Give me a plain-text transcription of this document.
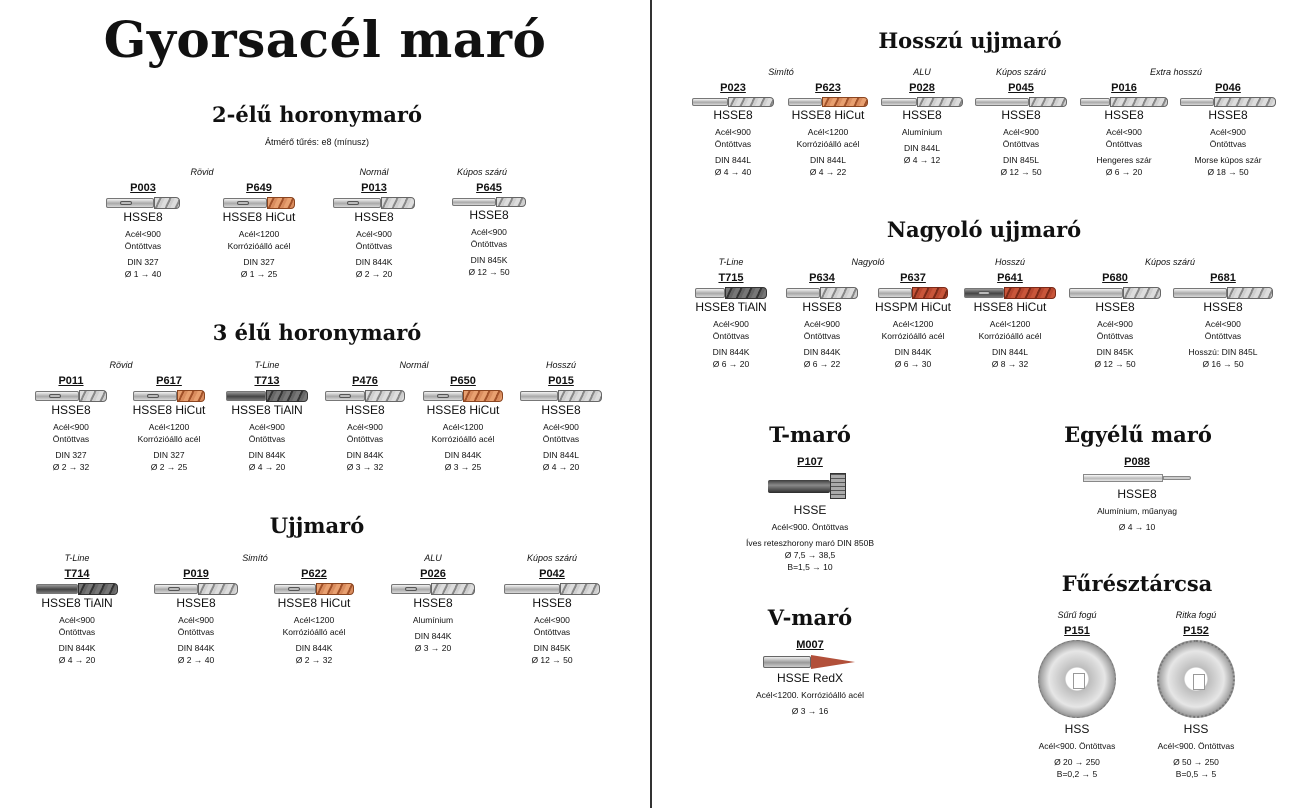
Gyorsacél maró
2-élű horonymaró
Átmérő tűrés: e8 (mínusz)
Rövid	Normál	Kúpos szárú
P003
HSSE8
Acél<900
Öntöttvas
DIN 327
Ø 1 → 40
P649
HSSE8 HiCut
Acél<1200
Korrózióálló acél
DIN 327
Ø 1 → 25
P013
HSSE8
Acél<900
Öntöttvas
DIN 844K
Ø 2 → 20
P645
HSSE8
Acél<900
Öntöttvas
DIN 845K
Ø 12 → 50
3 élű horonymaró
Rövid	T-Line	Normál	Hosszú
P011
HSSE8
Acél<900
Öntöttvas
DIN 327
Ø 2 → 32
P617
HSSE8 HiCut
Acél<1200
Korrózióálló acél
DIN 327
Ø 2 → 25
T713
HSSE8 TiAlN
Acél<900
Öntöttvas
DIN 844K
Ø 4 → 20
P476
HSSE8
Acél<900
Öntöttvas
DIN 844K
Ø 3 → 32
P650
HSSE8 HiCut
Acél<1200
Korrózióálló acél
DIN 844K
Ø 3 → 25
P015
HSSE8
Acél<900
Öntöttvas
DIN 844L
Ø 4 → 20
Ujjmaró
T-Line	Simító	ALU	Kúpos szárú
T714
HSSE8 TiAlN
Acél<900
Öntöttvas
DIN 844K
Ø 4 → 20
P019
HSSE8
Acél<900
Öntöttvas
DIN 844K
Ø 2 → 40
P622
HSSE8 HiCut
Acél<1200
Korrózióálló acél
DIN 844K
Ø 2 → 32
P026
HSSE8
Alumínium
DIN 844K
Ø 3 → 20
P042
HSSE8
Acél<900
Öntöttvas
DIN 845K
Ø 12 → 50
Hosszú ujjmaró
Simító	ALU	Kúpos szárú	Extra hosszú
P023
HSSE8
Acél<900
Öntöttvas
DIN 844L
Ø 4 → 40
P623
HSSE8 HiCut
Acél<1200
Korrózióálló acél
DIN 844L
Ø 4 → 22
P028
HSSE8
Alumínium
DIN 844L
Ø 4 → 12
P045
HSSE8
Acél<900
Öntöttvas
DIN 845L
Ø 12 → 50
P016
HSSE8
Acél<900
Öntöttvas
Hengeres szár
Ø 6 → 20
P046
HSSE8
Acél<900
Öntöttvas
Morse kúpos szár
Ø 18 → 50
Nagyoló ujjmaró
T-Line	Nagyoló	Hosszú	Kúpos szárú
T715
HSSE8 TiAlN
Acél<900
Öntöttvas
DIN 844K
Ø 6 → 20
P634
HSSE8
Acél<900
Öntöttvas
DIN 844K
Ø 6 → 22
P637
HSSPM HiCut
Acél<1200
Korrózióálló acél
DIN 844K
Ø 6 → 30
P641
HSSE8 HiCut
Acél<1200
Korrózióálló acél
DIN 844L
Ø 8 → 32
P680
HSSE8
Acél<900
Öntöttvas
DIN 845K
Ø 12 → 50
P681
HSSE8
Acél<900
Öntöttvas
Hosszú: DIN 845L
Ø 16 → 50
T-maró
P107
HSSE
Acél<900. Öntöttvas
Íves reteszhorony maró DIN 850B
Ø 7,5 → 38,5
B=1,5 → 10
V-maró
M007
HSSE RedX
Acél<1200. Korrózióálló acél
Ø 3 → 16
Egyélű maró
P088
HSSE8
Alumínium, műanyag
Ø 4 → 10
Fűrésztárcsa
Sűrű fogú	Ritka fogú
P151
HSS
Acél<900. Öntöttvas
Ø 20 → 250
B=0,2 → 5
P152
HSS
Acél<900. Öntöttvas
Ø 50 → 250
B=0,5 → 5
